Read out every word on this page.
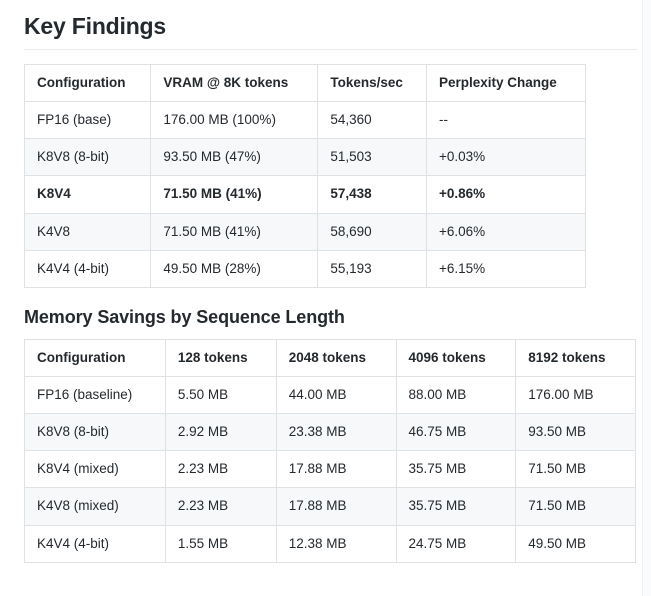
Key Findings
Configuration	VRAM @ 8K tokens	Tokens/sec	Perplexity Change
FP16 (base)	176.00 MB (100%)	54,360	--
K8V8 (8-bit)	93.50 MB (47%)	51,503	+0.03%
K8V4	71.50 MB (41%)	57,438	+0.86%
K4V8	71.50 MB (41%)	58,690	+6.06%
K4V4 (4-bit)	49.50 MB (28%)	55,193	+6.15%
Memory Savings by Sequence Length
Configuration	128 tokens	2048 tokens	4096 tokens	8192 tokens
FP16 (baseline)	5.50 MB	44.00 MB	88.00 MB	176.00 MB
K8V8 (8-bit)	2.92 MB	23.38 MB	46.75 MB	93.50 MB
K8V4 (mixed)	2.23 MB	17.88 MB	35.75 MB	71.50 MB
K4V8 (mixed)	2.23 MB	17.88 MB	35.75 MB	71.50 MB
K4V4 (4-bit)	1.55 MB	12.38 MB	24.75 MB	49.50 MB
